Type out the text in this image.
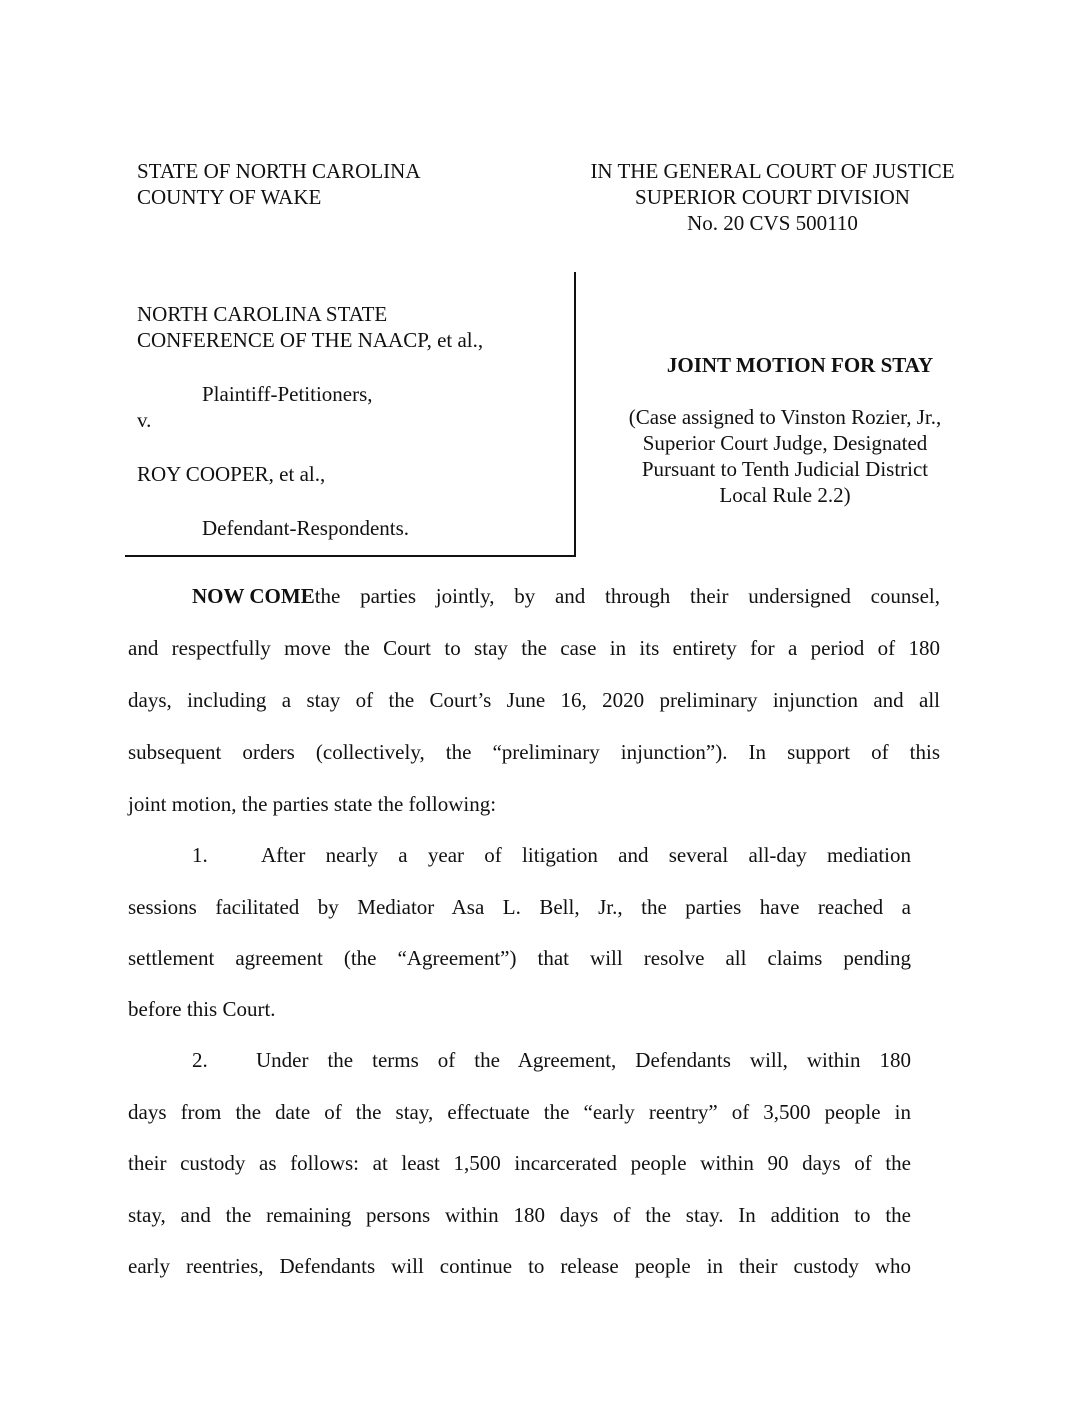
STATE OF NORTH CAROLINA
COUNTY OF WAKE
IN THE GENERAL COURT OF JUSTICE
SUPERIOR COURT DIVISION
No. 20 CVS 500110
NORTH CAROLINA STATE
CONFERENCE OF THE NAACP, et al.,
Plaintiff-Petitioners,
v.
ROY COOPER, et al.,
Defendant-Respondents.
JOINT MOTION FOR STAY
(Case assigned to Vinston Rozier, Jr.,
Superior Court Judge, Designated
Pursuant to Tenth Judicial District
Local Rule 2.2)
NOW COME the parties jointly, by and through their undersigned counsel,
and respectfully move the Court to stay the case in its entirety for a period of 180
days, including a stay of the Court’s June 16, 2020 preliminary injunction and all
subsequent orders (collectively, the “preliminary injunction”). In support of this
joint motion, the parties state the following:
1.	After nearly a year of litigation and several all-day mediation
sessions facilitated by Mediator Asa L. Bell, Jr., the parties have reached a
settlement agreement (the “Agreement”) that will resolve all claims pending
before this Court.
2. Under the terms of the Agreement, Defendants will, within 180
days from the date of the stay, effectuate the “early reentry” of 3,500 people in
their custody as follows: at least 1,500 incarcerated people within 90 days of the
stay, and the remaining persons within 180 days of the stay. In addition to the
early reentries, Defendants will continue to release people in their custody who
